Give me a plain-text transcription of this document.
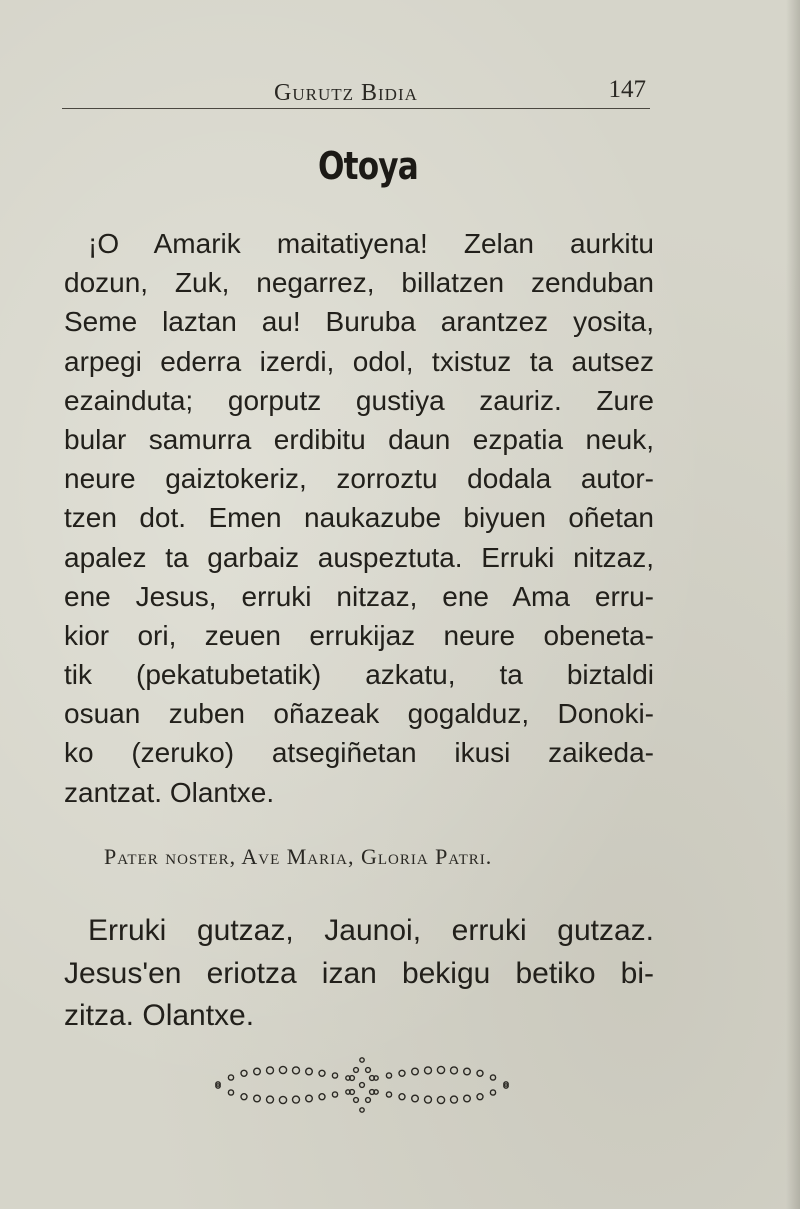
Gurutz Bidia	147
Otoya
¡O Amarik maitatiyena! Zelan aurkitu
dozun, Zuk, negarrez, billatzen zenduban
Seme laztan au! Buruba arantzez yosita,
arpegi ederra izerdi, odol, txistuz ta autsez
ezainduta; gorputz gustiya zauriz. Zure
bular samurra erdibitu daun ezpatia neuk,
neure gaiztokeriz, zorroztu dodala autor-
tzen dot. Emen naukazube biyuen oñetan
apalez ta garbaiz auspeztuta. Erruki nitzaz,
ene Jesus, erruki nitzaz, ene Ama erru-
kior ori, zeuen errukijaz neure obeneta-
tik (pekatubetatik) azkatu, ta biztaldi
osuan zuben oñazeak gogalduz, Donoki-
ko (zeruko) atsegiñetan ikusi zaikeda-
zantzat. Olantxe.
Pater noster, Ave Maria, Gloria Patri.
Erruki gutzaz, Jaunoi, erruki gutzaz.
Jesus'en eriotza izan bekigu betiko bi-
zitza. Olantxe.
